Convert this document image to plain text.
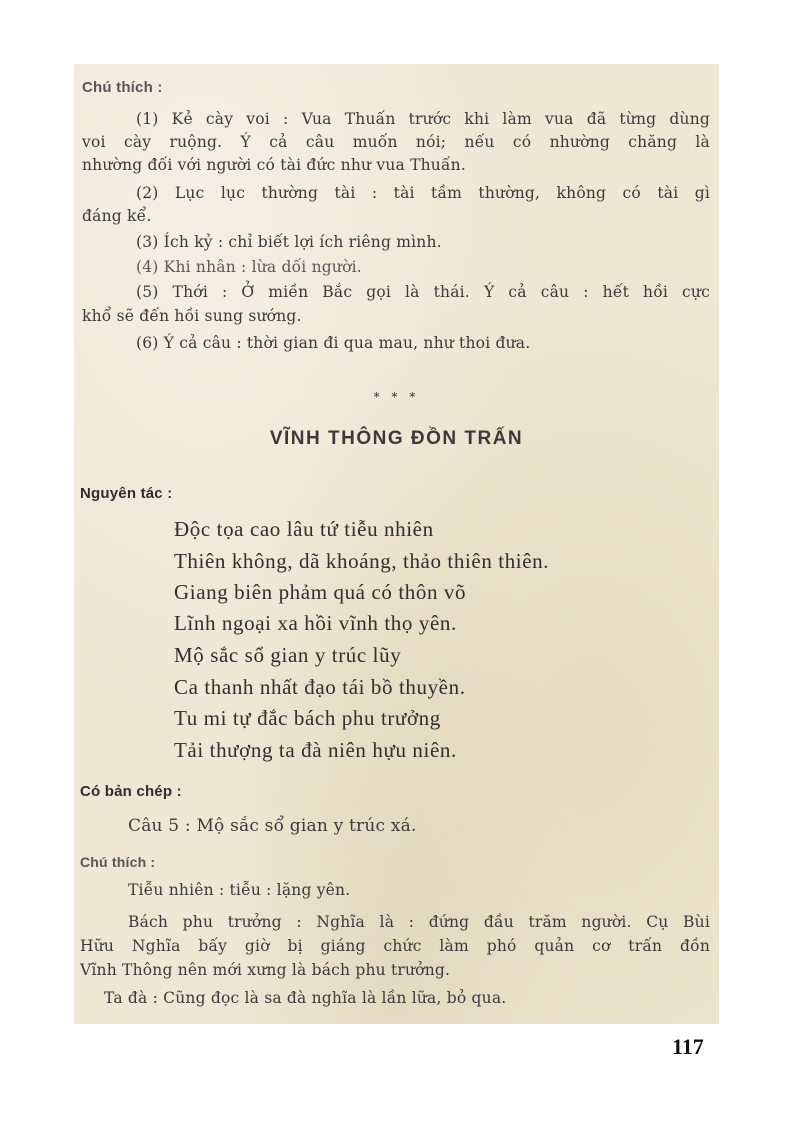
Chú thích :
(1) Kẻ cày voi : Vua Thuấn trước khi làm vua đã từng dùng
voi cày ruộng. Ý cả câu muốn nói; nếu có nhường chăng là
nhường đối với người có tài đức như vua Thuấn.
(2) Lục lục thường tài : tài tầm thường, không có tài gì
đáng kể.
(3) Ích kỷ : chỉ biết lợi ích riêng mình.
(4) Khi nhân : lừa dối người.
(5) Thới : Ở miền Bắc gọi là thái. Ý cả câu : hết hồi cực
khổ sẽ đến hồi sung sướng.
(6) Ý cả câu : thời gian đi qua mau, như thoi đưa.
* * *
VĨNH THÔNG ĐỒN TRẤN
Nguyên tác :
Độc tọa cao lâu tứ tiễu nhiên
Thiên không, dã khoáng, thảo thiên thiên.
Giang biên phảm quá có thôn võ
Lĩnh ngoại xa hồi vĩnh thọ yên.
Mộ sắc sổ gian y trúc lũy
Ca thanh nhất đạo tái bồ thuyền.
Tu mi tự đắc bách phu trưởng
Tải thượng ta đà niên hựu niên.
Có bản chép :
Câu 5 : Mộ sắc sổ gian y trúc xá.
Chú thích :
Tiễu nhiên : tiễu : lặng yên.
Bách phu trưởng : Nghĩa là : đứng đầu trăm người. Cụ Bùi
Hữu Nghĩa bấy giờ bị giáng chức làm phó quản cơ trấn đồn
Vĩnh Thông nên mới xưng là bách phu trưởng.
Ta đà : Cũng đọc là sa đà nghĩa là lần lữa, bỏ qua.
117
